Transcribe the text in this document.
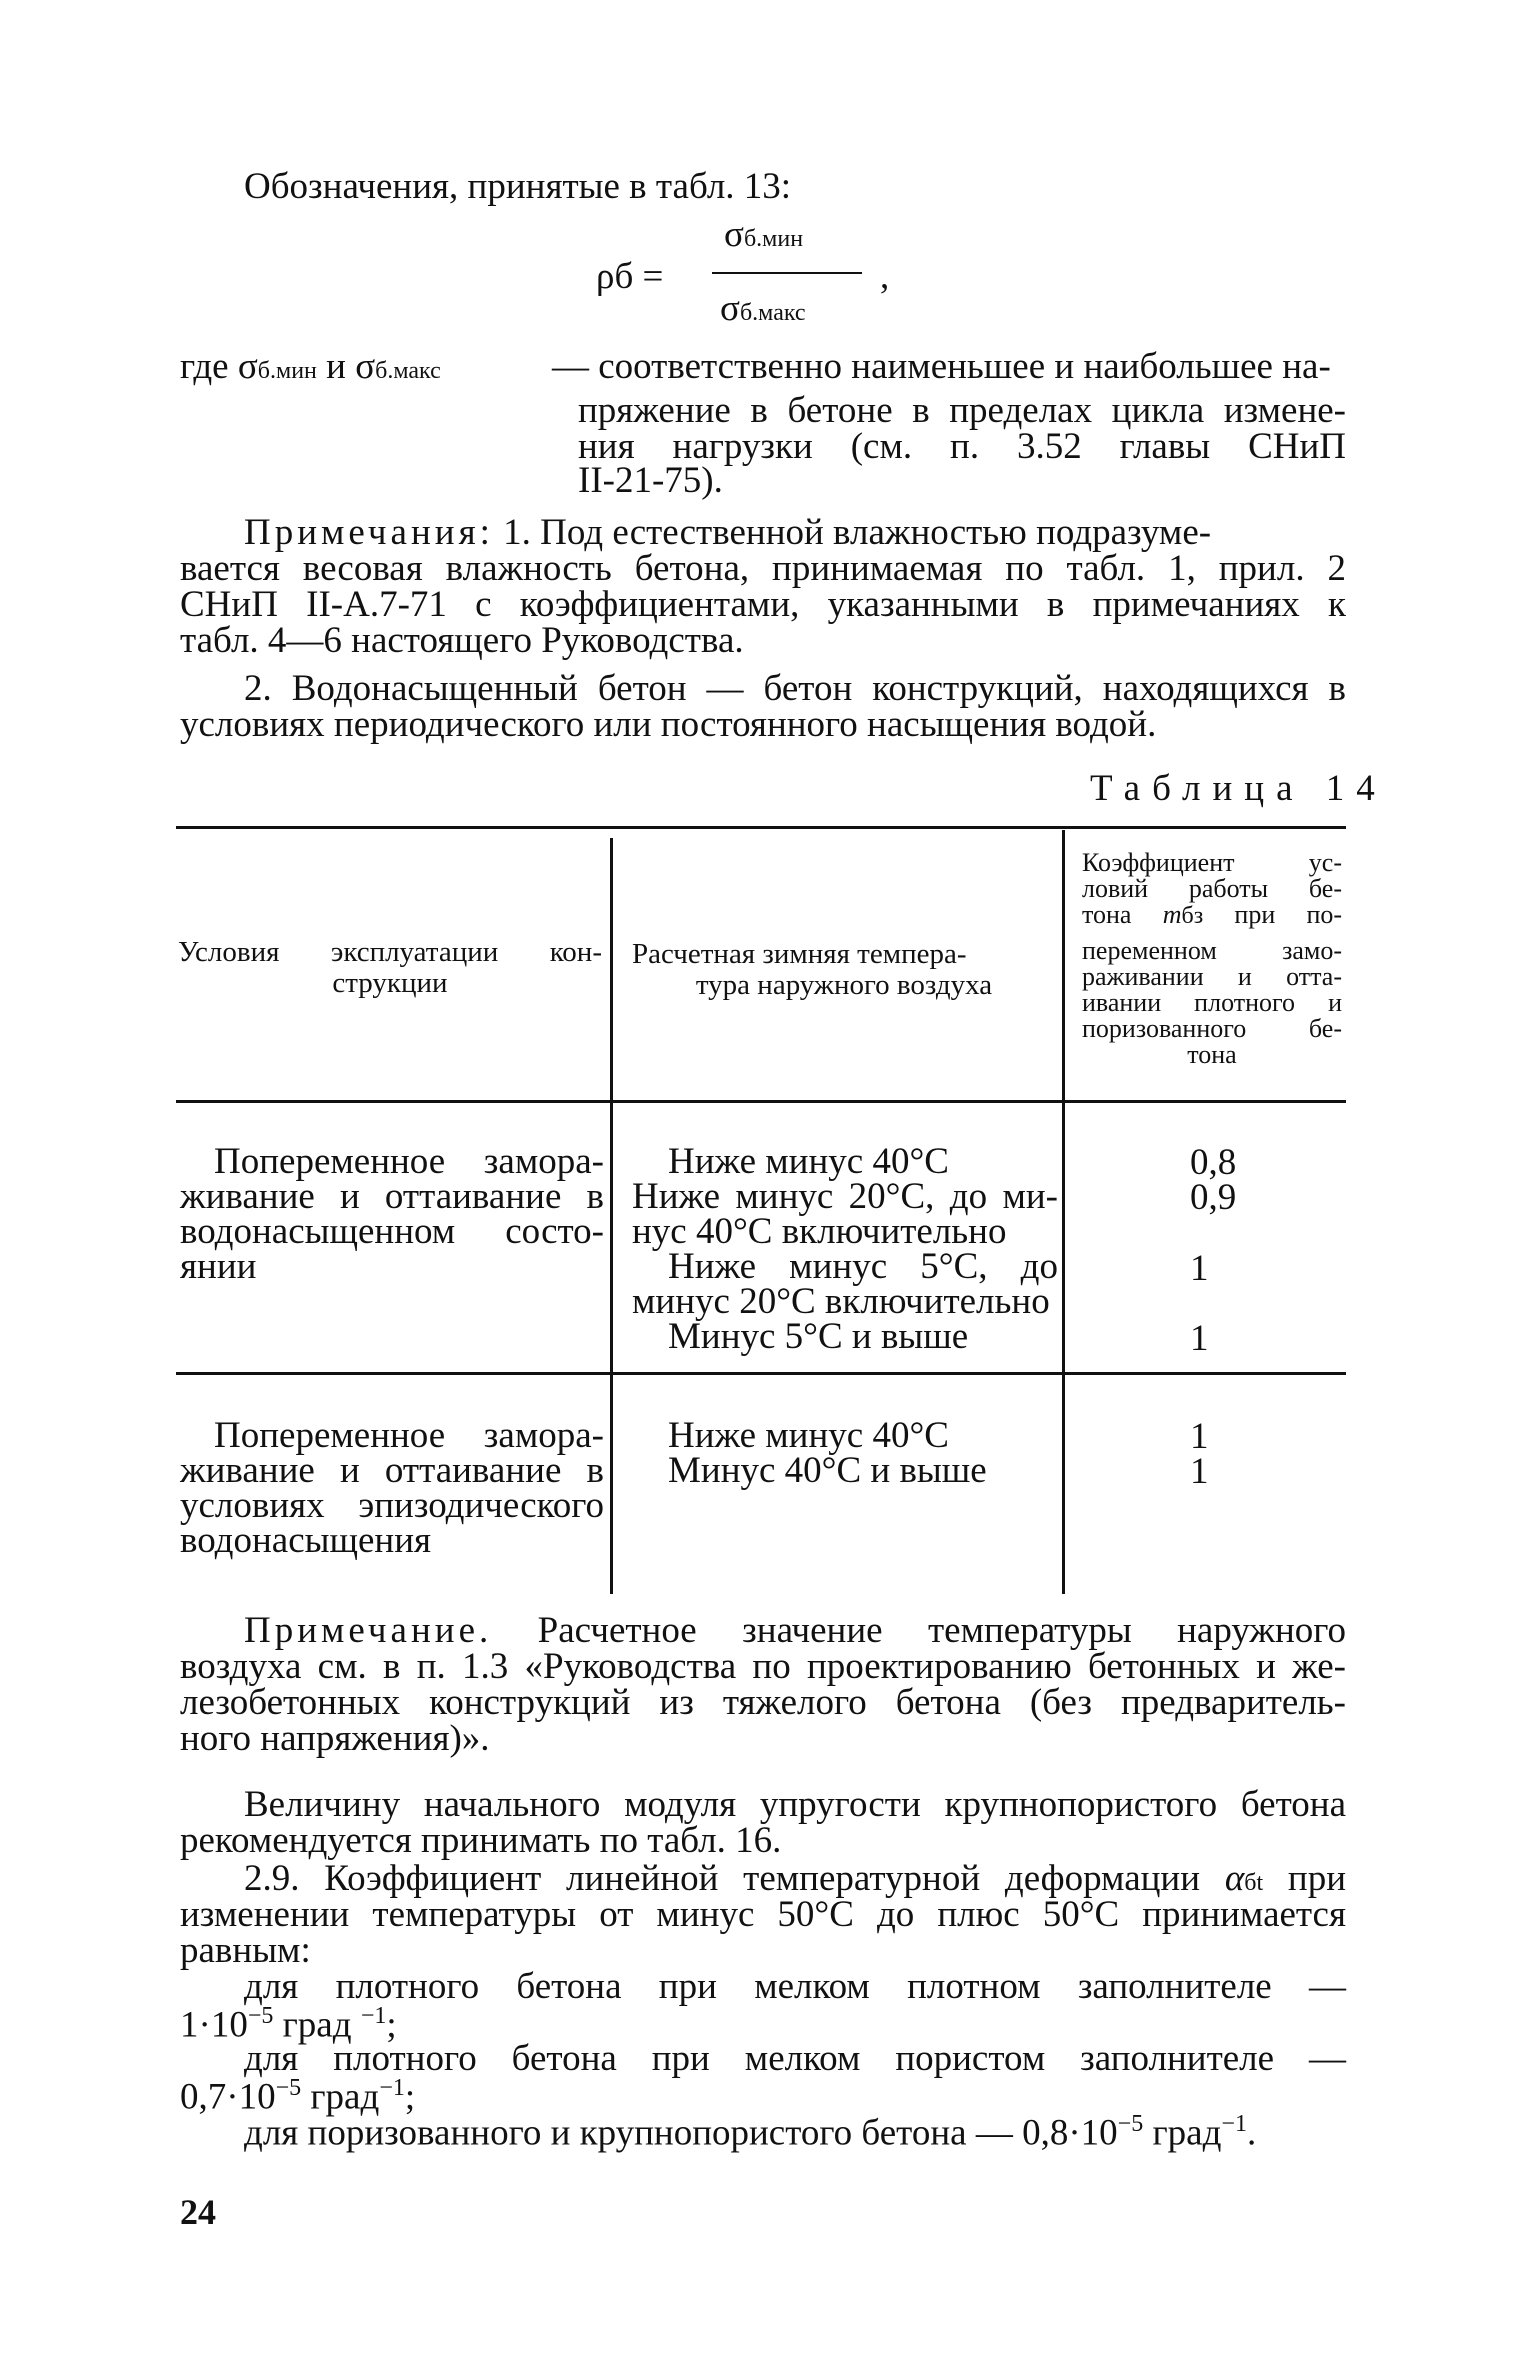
Обозначения, принятые в табл. 13:
ρб =
σб.мин
σб.макс
,
где σб.мин и σб.макс	— соответственно наименьшее и наибольшее на-
пряжение в бетоне в пределах цикла измене-
ния нагрузки (см. п. 3.52 главы СНиП
II-21-75).
Примечания: 1. Под естественной влажностью подразуме-
вается весовая влажность бетона, принимаемая по табл. 1, прил. 2
СНиП II-А.7-71 с коэффициентами, указанными в примечаниях к
табл. 4—6 настоящего Руководства.
2. Водонасыщенный бетон — бетон конструкций, находящихся в
условиях периодического или постоянного насыщения водой.
Таблица 14
Условия эксплуатации кон-
струкции
Расчетная зимняя темпера-
тура наружного воздуха
Коэффициент ус-
ловий работы бе-
тона mбз при по-
переменном замо-
раживании и отта-
ивании плотного и
поризованного бе-
тона
Попеременное замора-
живание и оттаивание в
водонасыщенном состо-
янии
Ниже минус 40°С
Ниже минус 20°С, до ми-
нус 40°С включительно
Ниже минус 5°С, до
минус 20°С включительно
Минус 5°С и выше
0,8
0,9
1
1
Попеременное замора-
живание и оттаивание в
условиях эпизодического
водонасыщения
Ниже минус 40°С
Минус 40°С и выше
1
1
Примечание. Расчетное значение температуры наружного
воздуха см. в п. 1.3 «Руководства по проектированию бетонных и же-
лезобетонных конструкций из тяжелого бетона (без предваритель-
ного напряжения)».
Величину начального модуля упругости крупнопористого бетона
рекомендуется принимать по табл. 16.
2.9. Коэффициент линейной температурной деформации αбt при
изменении температуры от минус 50°С до плюс 50°С принимается
равным:
для плотного бетона при мелком плотном заполнителе —
$1\cdot 10^{-5}$ град $^{-1}$;
для плотного бетона при мелком пористом заполнителе —
$0,7\cdot 10^{-5}$ град$^{-1}$;
для поризованного и крупнопористого бетона — $0,8\cdot 10^{-5}$ град$^{-1}$.
24
